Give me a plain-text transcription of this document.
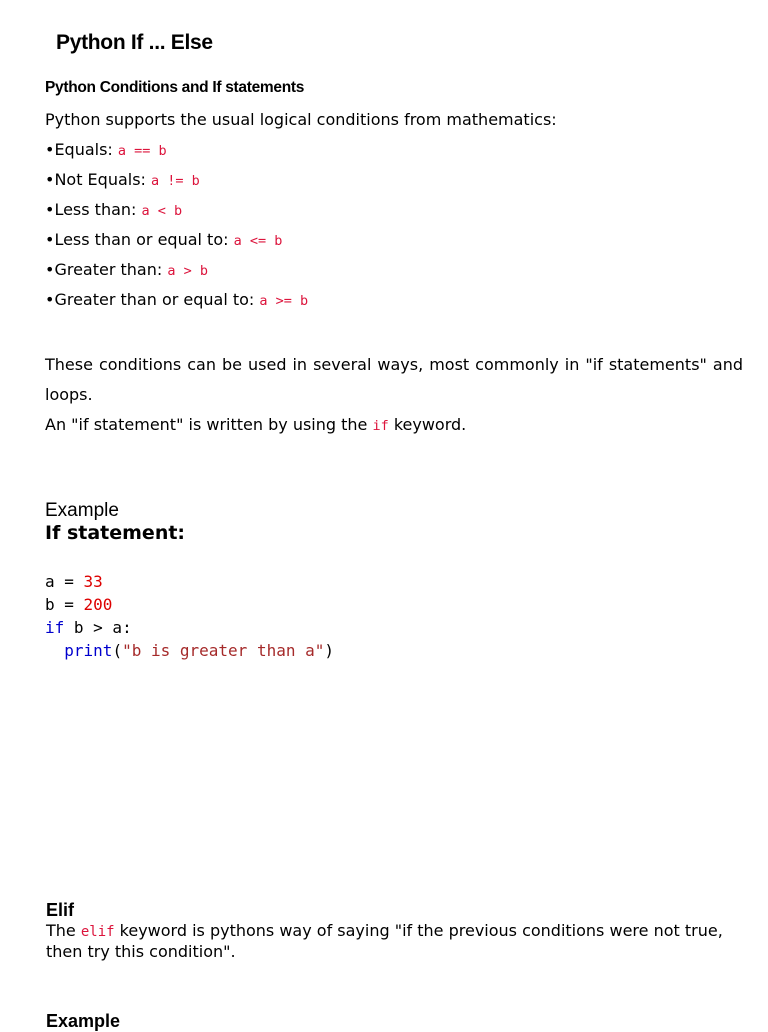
Python If ... Else
Python Conditions and If statements
Python supports the usual logical conditions from mathematics:
•Equals: a == b
•Not Equals: a != b
•Less than: a < b
•Less than or equal to: a <= b
•Greater than: a > b
•Greater than or equal to: a >= b
These conditions can be used in several ways, most commonly in "if statements" and loops.
An "if statement" is written by using the if keyword.
Example
If statement:
a = 33
b = 200
if b > a:
print("b is greater than a")
Elif
The elif keyword is pythons way of saying "if the previous conditions were not true, then try this condition".
Example
